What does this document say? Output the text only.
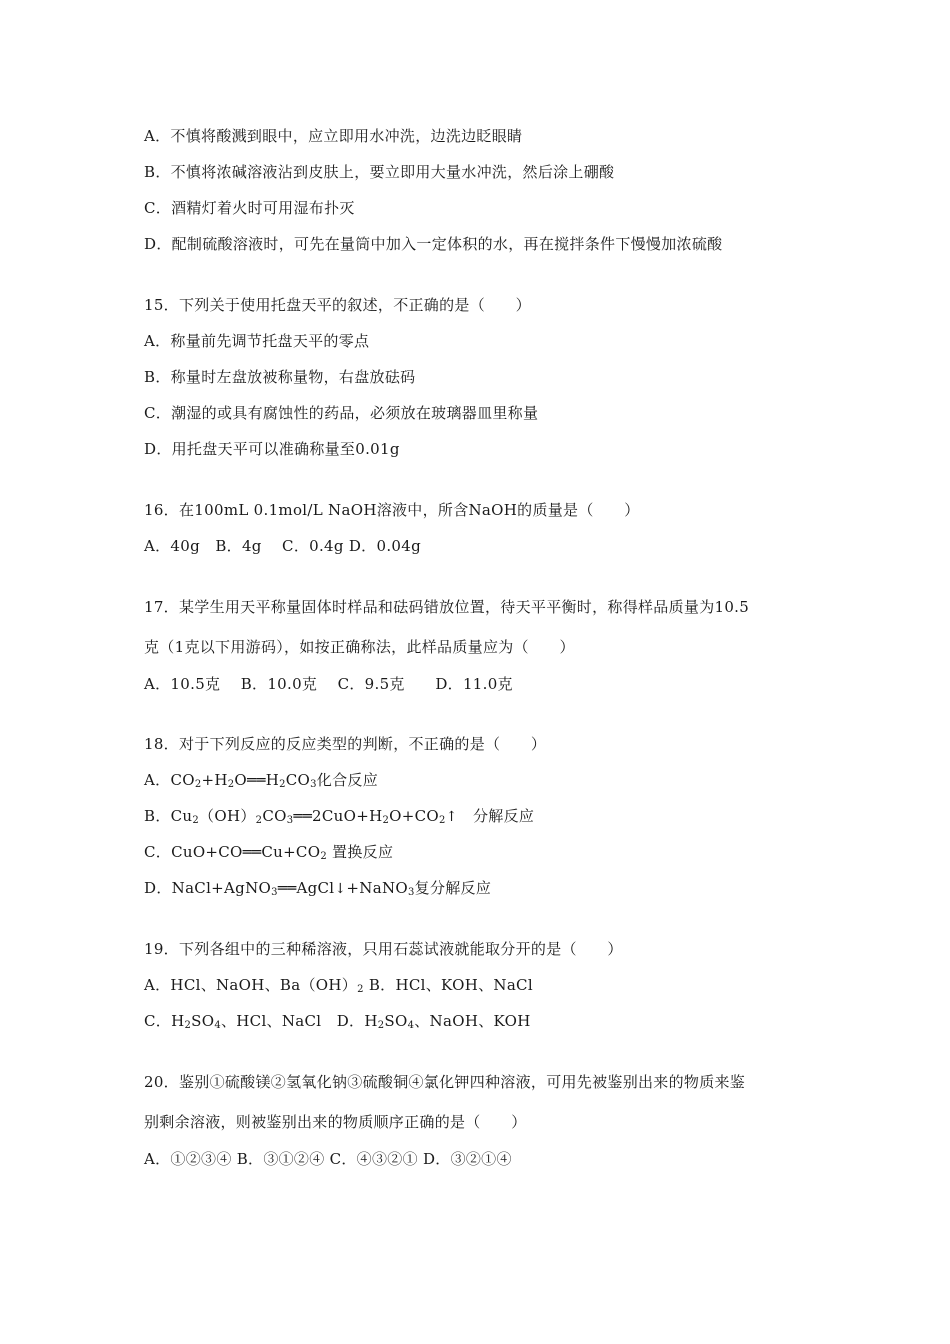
A．不慎将酸溅到眼中，应立即用水冲洗，边洗边眨眼睛
B．不慎将浓碱溶液沾到皮肤上，要立即用大量水冲洗，然后涂上硼酸
C．酒精灯着火时可用湿布扑灭
D．配制硫酸溶液时，可先在量筒中加入一定体积的水，再在搅拌条件下慢慢加浓硫酸
15．下列关于使用托盘天平的叙述，不正确的是（　　）
A．称量前先调节托盘天平的零点
B．称量时左盘放被称量物，右盘放砝码
C．潮湿的或具有腐蚀性的药品，必须放在玻璃器皿里称量
D．用托盘天平可以准确称量至0.01g
16．在100mL 0.1mol/L NaOH溶液中，所含NaOH的质量是（　　）
A．40g　B．4g　 C．0.4g D．0.04g
17．某学生用天平称量固体时样品和砝码错放位置，待天平平衡时，称得样品质量为10.5
克（1克以下用游码），如按正确称法，此样品质量应为（　　）
A．10.5克　 B．10.0克　 C．9.5克　　D．11.0克
18．对于下列反应的反应类型的判断，不正确的是（　　）
A．$CO_2+H_2O══H_2CO_3$化合反应
B．$Cu_2(OH)_2CO_3══2CuO+H_2O+CO_2↑$　分解反应
C．$CuO+CO══Cu+CO_2$ 置换反应
D．NaCl+AgNO$_3$══AgCl↓+NaNO$_3$复分解反应
19．下列各组中的三种稀溶液，只用石蕊试液就能取分开的是（　　）
A．HCl、NaOH、$Ba(OH)_2$ B．HCl、KOH、NaCl
C．$H_2SO_4$、HCl、NaCl　D．$H_2SO_4$、NaOH、KOH
20．鉴别①硫酸镁②氢氧化钠③硫酸铜④氯化钾四种溶液，可用先被鉴别出来的物质来鉴
别剩余溶液，则被鉴别出来的物质顺序正确的是（　　）
A．①②③④ B．③①②④ C．④③②① D．③②①④
